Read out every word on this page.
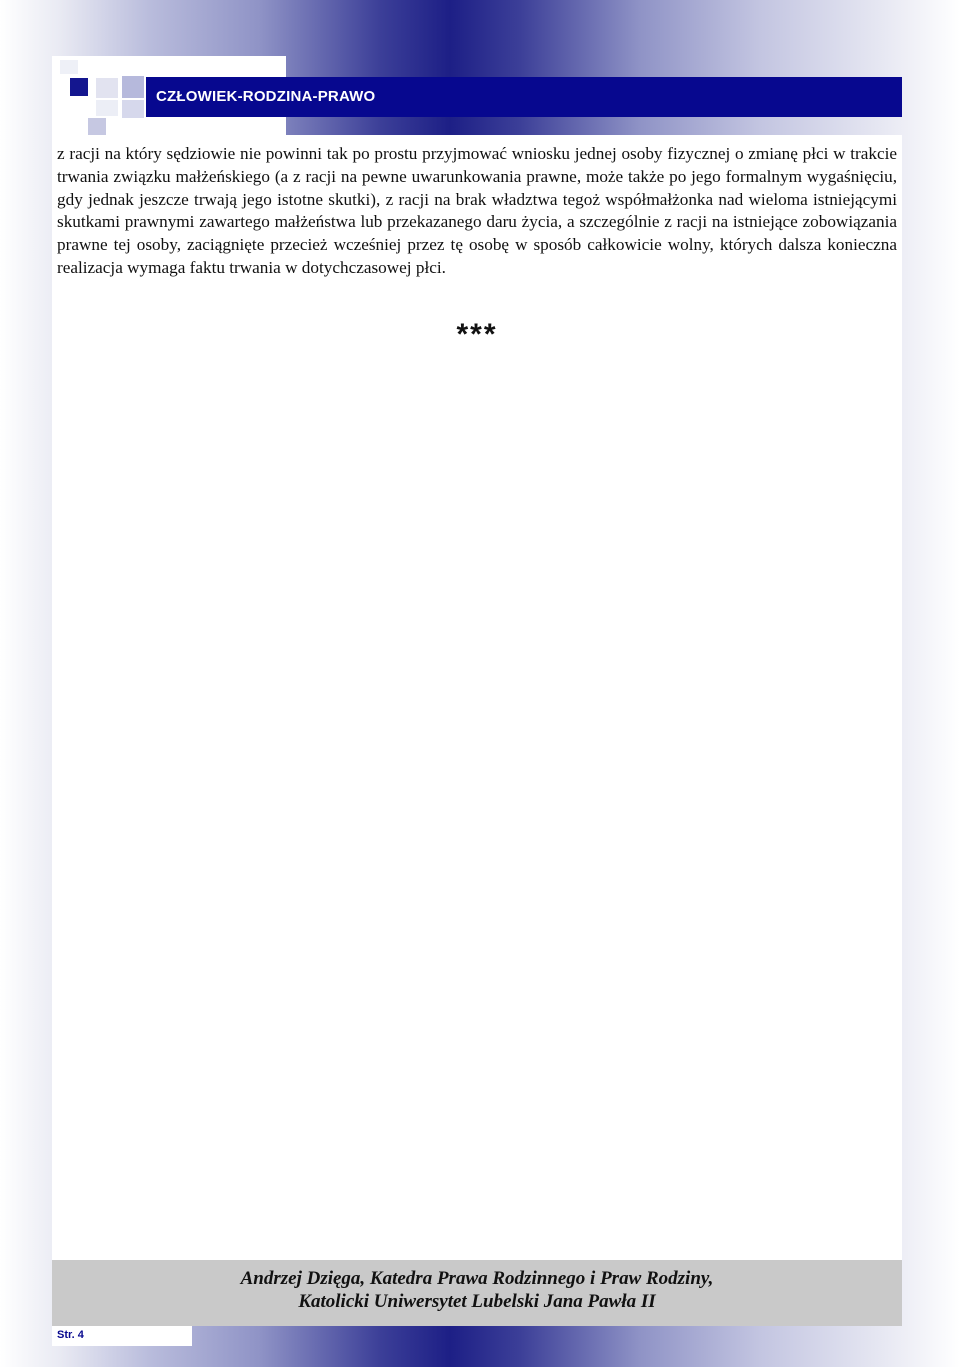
CZŁOWIEK-RODZINA-PRAWO

z racji na który sędziowie nie powinni tak po prostu przyjmować wniosku jednej osoby fizycznej o zmianę płci w trakcie trwania związku małżeńskiego (a z racji na pewne uwarunkowania prawne, może także po jego formalnym wygaśnięciu, gdy jednak jeszcze trwają jego istotne skutki), z racji na brak władztwa tegoż współmałżonka nad wieloma istniejącymi skutkami prawnymi zawartego małżeństwa lub przekazanego daru życia, a szczególnie z racji na istniejące zobowiązania prawne tej osoby, zaciągnięte przecież wcześniej przez tę osobę w sposób całkowicie wolny, których dalsza konieczna realizacja wymaga faktu trwania w dotychczasowej płci.

***
Andrzej Dzięga, Katedra Prawa Rodzinnego i Praw Rodziny,
Katolicki Uniwersytet Lubelski Jana Pawła II
Str. 4
